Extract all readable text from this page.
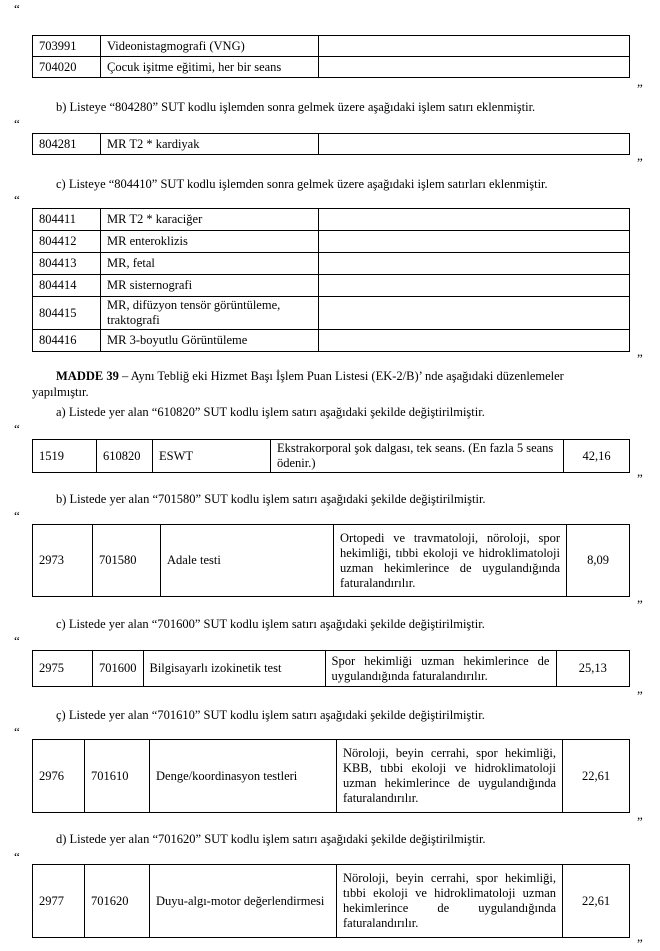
“
”
703991	Videonistagmografi (VNG)	
704020	Çocuk işitme eğitimi, her bir seans	
b) Listeye “804280” SUT kodlu işlemden sonra gelmek üzere aşağıdaki işlem satırı eklenmiştir.
“
804281	MR T2 * kardiyak	
”
c) Listeye “804410” SUT kodlu işlemden sonra gelmek üzere aşağıdaki işlem satırları eklenmiştir.
“
804411	MR T2 * karaciğer	
804412	MR enteroklizis	
804413	MR, fetal	
804414	MR sisternografi	
804415	MR, difüzyon tensör görüntüleme, traktografi	
804416	MR 3-boyutlu Görüntüleme	
”
MADDE 39 – Aynı Tebliğ eki Hizmet Başı İşlem Puan Listesi (EK-2/B)’ nde aşağıdaki düzenlemeler
yapılmıştır.
a) Listede yer alan “610820” SUT kodlu işlem satırı aşağıdaki şekilde değiştirilmiştir.
“
1519	610820	ESWT	Ekstrakorporal şok dalgası, tek seans. (En fazla 5 seans ödenir.)	42,16
”
b) Listede yer alan “701580” SUT kodlu işlem satırı aşağıdaki şekilde değiştirilmiştir.
“
2973	701580	Adale testi	Ortopedi ve travmatoloji, nöroloji, spor hekimliği, tıbbi ekoloji ve hidroklimatoloji uzman hekimlerince de uygulandığında faturalandırılır.	8,09
”
c) Listede yer alan “701600” SUT kodlu işlem satırı aşağıdaki şekilde değiştirilmiştir.
“
2975	701600	Bilgisayarlı izokinetik test	Spor hekimliği uzman hekimlerince de uygulandığında faturalandırılır.	25,13
”
ç) Listede yer alan “701610” SUT kodlu işlem satırı aşağıdaki şekilde değiştirilmiştir.
“
2976	701610	Denge/koordinasyon testleri	Nöroloji, beyin cerrahi, spor hekimliği, KBB, tıbbi ekoloji ve hidroklimatoloji uzman hekimlerince de uygulandığında faturalandırılır.	22,61
”
d) Listede yer alan “701620” SUT kodlu işlem satırı aşağıdaki şekilde değiştirilmiştir.
“
2977	701620	Duyu-algı-motor değerlendirmesi	Nöroloji, beyin cerrahi, spor hekimliği, tıbbi ekoloji ve hidroklimatoloji uzman hekimlerince de uygulandığında faturalandırılır.	22,61
”
